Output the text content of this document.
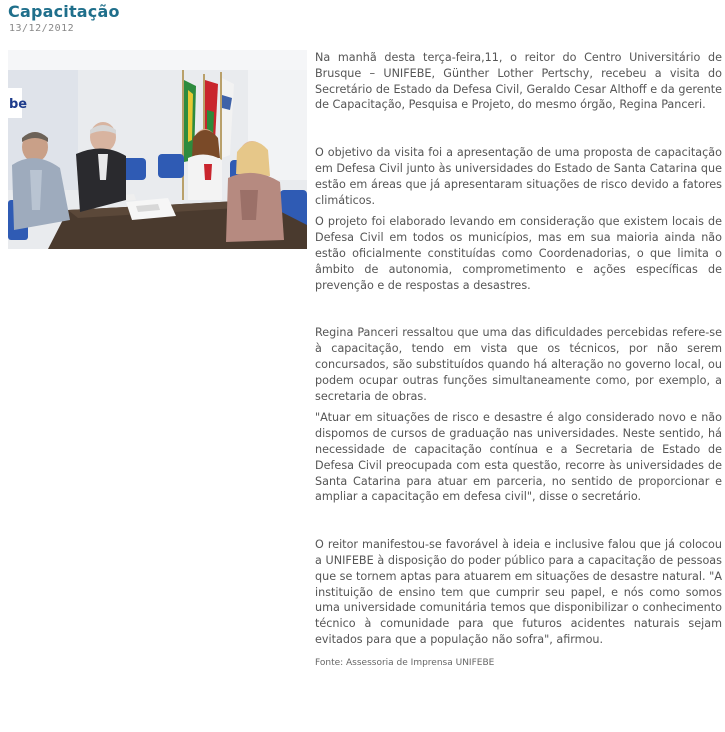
Capacitação
13/12/2012
be

Na manhã desta terça-feira,11, o reitor do Centro Universitário de Brusque – UNIFEBE, Günther Lother Pertschy, recebeu a visita do Secretário de Estado da Defesa Civil, Geraldo Cesar Althoff e da gerente de Capacitação, Pesquisa e Projeto, do mesmo órgão, Regina Panceri.

O objetivo da visita foi a apresentação de uma proposta de capacitação em Defesa Civil junto às universidades do Estado de Santa Catarina que estão em áreas que já apresentaram situações de risco devido a fatores climáticos.

O projeto foi elaborado levando em consideração que existem locais de Defesa Civil em todos os municípios, mas em sua maioria ainda não estão oficialmente constituídas como Coordenadorias, o que limita o âmbito de autonomia, comprometimento e ações específicas de prevenção e de respostas a desastres.

Regina Panceri ressaltou que uma das dificuldades percebidas refere-se à capacitação, tendo em vista que os técnicos, por não serem concursados, são substituídos quando há alteração no governo local, ou podem ocupar outras funções simultaneamente como, por exemplo, a secretaria de obras.

"Atuar em situações de risco e desastre é algo considerado novo e não dispomos de cursos de graduação nas universidades. Neste sentido, há necessidade de capacitação contínua e a Secretaria de Estado de Defesa Civil preocupada com esta questão, recorre às universidades de Santa Catarina para atuar em parceria, no sentido de proporcionar e ampliar a capacitação em defesa civil", disse o secretário.

O reitor manifestou-se favorável à ideia e inclusive falou que já colocou a UNIFEBE à disposição do poder público para a capacitação de pessoas que se tornem aptas para atuarem em situações de desastre natural. "A instituição de ensino tem que cumprir seu papel, e nós como somos uma universidade comunitária temos que disponibilizar o conhecimento técnico à comunidade para que futuros acidentes naturais sejam evitados para que a população não sofra", afirmou.

Fonte: Assessoria de Imprensa UNIFEBE
